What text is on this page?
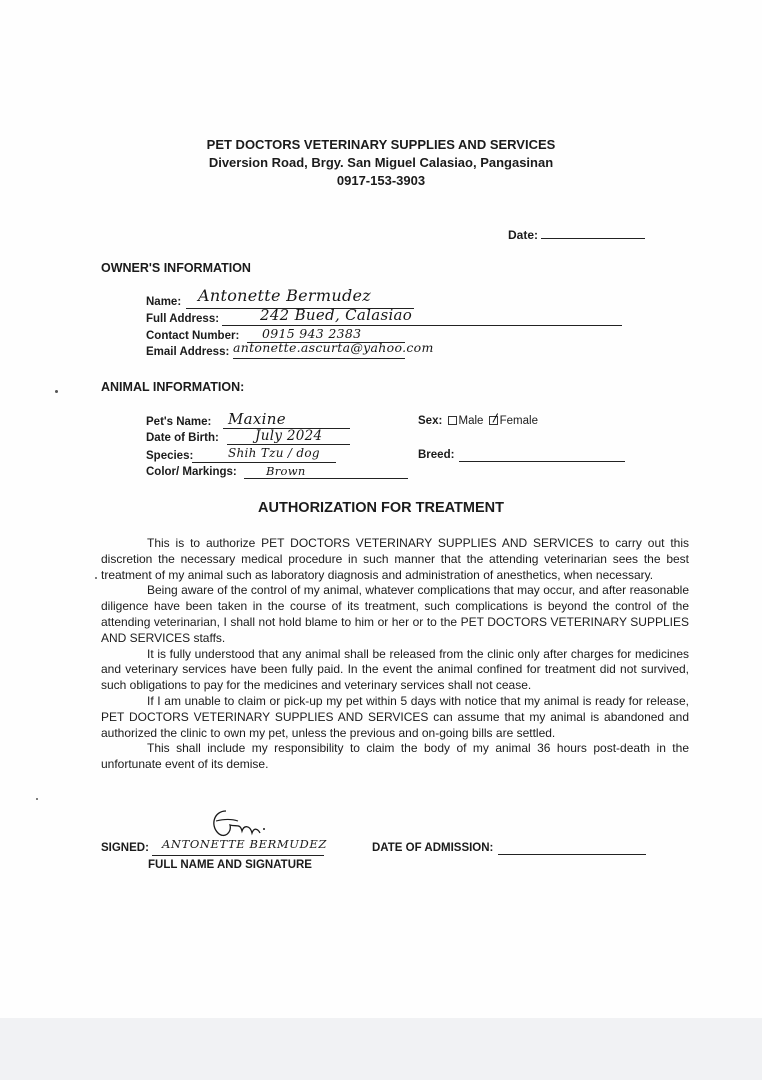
PET DOCTORS VETERINARY SUPPLIES AND SERVICES
Diversion Road, Brgy. San Miguel Calasiao, Pangasinan
0917-153-3903
Date:
OWNER'S INFORMATION
Name: Antonette Bermudez
Full Address:	242 Bued, Calasiao
Contact Number: 0915 943 2383
Email Address: antonette.ascurta@yahoo.com
ANIMAL INFORMATION:
Pet's Name: Maxine
Date of Birth:	July 2024
Species:	Shih Tzu / dog
Color/ Markings:	Brown
Sex: Male Female
Breed:
AUTHORIZATION FOR TREATMENT

This is to authorize PET DOCTORS VETERINARY SUPPLIES AND SERVICES to carry out this discretion the necessary medical procedure in such manner that the attending veterinarian sees the best treatment of my animal such as laboratory diagnosis and administration of anesthetics, when necessary.

Being aware of the control of my animal, whatever complications that may occur, and after reasonable diligence have been taken in the course of its treatment, such complications is beyond the control of the attending veterinarian, I shall not hold blame to him or her or to the PET DOCTORS VETERINARY SUPPLIES AND SERVICES staffs.

It is fully understood that any animal shall be released from the clinic only after charges for medicines and veterinary services have been fully paid. In the event the animal confined for treatment did not survived, such obligations to pay for the medicines and veterinary services shall not cease.

If I am unable to claim or pick-up my pet within 5 days with notice that my animal is ready for release, PET DOCTORS VETERINARY SUPPLIES AND SERVICES can assume that my animal is abandoned and authorized the clinic to own my pet, unless the previous and on-going bills are settled.

This shall include my responsibility to claim the body of my animal 36 hours post-death in the unfortunate event of its demise.

SIGNED: ANTONETTE BERMUDEZ
FULL NAME AND SIGNATURE
DATE OF ADMISSION:
